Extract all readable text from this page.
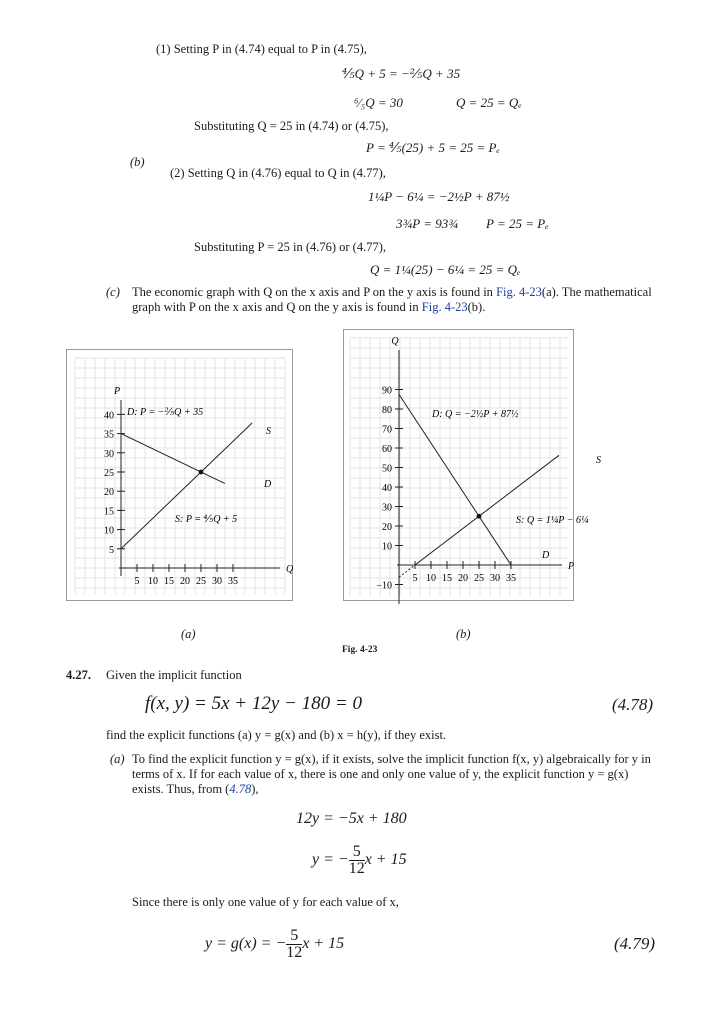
(1) Setting P in (4.74) equal to P in (4.75),
⅘Q + 5 = −⅖Q + 35
⁶⁄₅Q = 30	Q = 25 = Qₑ
Substituting Q = 25 in (4.74) or (4.75),
P = ⅘(25) + 5 = 25 = Pₑ
(b)
(2) Setting Q in (4.76) equal to Q in (4.77),
1¼P − 6¼ = −2½P + 87½
3¾P = 93¾ P = 25 = Pₑ
Substituting P = 25 in (4.76) or (4.77),
Q = 1¼(25) − 6¼ = 25 = Qₑ
(c) The economic graph with Q on the x axis and P on the y axis is found in Fig. 4-23(a). The mathematical graph with P on the x axis and Q on the y axis is found in Fig. 4-23(b).
P
Q
40
35
30
25
20
15
10
5
5 10 15 20 25 30 35
D: P = −⅖Q + 35
S: P = ⅘Q + 5
S
D
Q
P
90
80
70
60
50
40
30
20
10
−10
5 10 15 20 25 30 35
D: Q = −2½P + 87½
S: Q = 1¼P − 6¼
S
D
(a)	(b)
Fig. 4-23
4.27. Given the implicit function
f(x, y) = 5x + 12y − 180 = 0	(4.78)
find the explicit functions (a) y = g(x) and (b) x = h(y), if they exist.
(a) To find the explicit function y = g(x), if it exists, solve the implicit function f(x, y) algebraically for y in terms of x. If for each value of x, there is one and only one value of y, the explicit function y = g(x) exists. Thus, from (4.78),
12y = −5x + 180
y = − $\frac{5}{12}$ x + 15
Since there is only one value of y for each value of x,
y = g(x) = − $\frac{5}{12}$ x + 15	(4.79)
